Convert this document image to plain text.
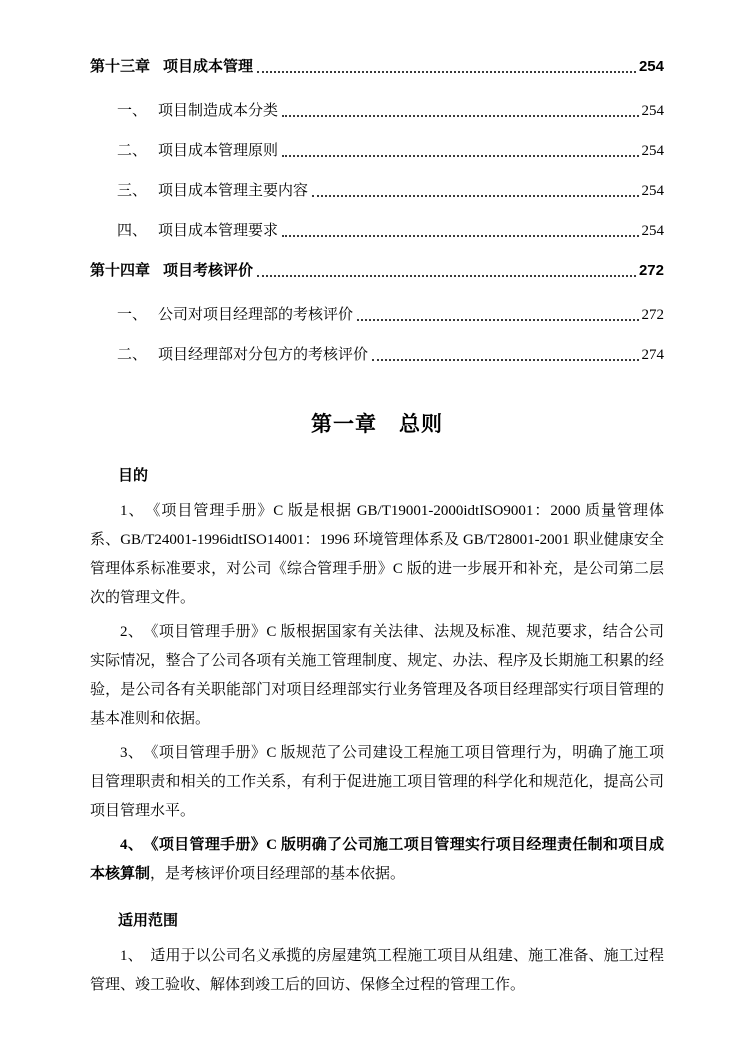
第十三章 项目成本管理	254
一、 项目制造成本分类	254
二、 项目成本管理原则	254
三、 项目成本管理主要内容	254
四、 项目成本管理要求	254
第十四章 项目考核评价	272
一、 公司对项目经理部的考核评价	272
二、 项目经理部对分包方的考核评价	274
第一章　总则
目的

1、　《项目管理手册》C 版是根据 GB/T19001-2000idtISO9001：2000 质量管理体系、GB/T24001-1996idtISO14001：1996 环境管理体系及 GB/T28001-2001 职业健康安全管理体系标准要求，对公司《综合管理手册》C 版的进一步展开和补充，是公司第二层次的管理文件。

2、　《项目管理手册》C 版根据国家有关法律、法规及标准、规范要求，结合公司实际情况，整合了公司各项有关施工管理制度、规定、办法、程序及长期施工积累的经验，是公司各有关职能部门对项目经理部实行业务管理及各项目经理部实行项目管理的基本准则和依据。

3、　《项目管理手册》C 版规范了公司建设工程施工项目管理行为，明确了施工项目管理职责和相关的工作关系，有利于促进施工项目管理的科学化和规范化，提高公司项目管理水平。

4、　《项目管理手册》C 版明确了公司施工项目管理实行项目经理责任制和项目成本核算制，是考核评价项目经理部的基本依据。

适用范围

1、　适用于以公司名义承揽的房屋建筑工程施工项目从组建、施工准备、施工过程管理、竣工验收、解体到竣工后的回访、保修全过程的管理工作。
